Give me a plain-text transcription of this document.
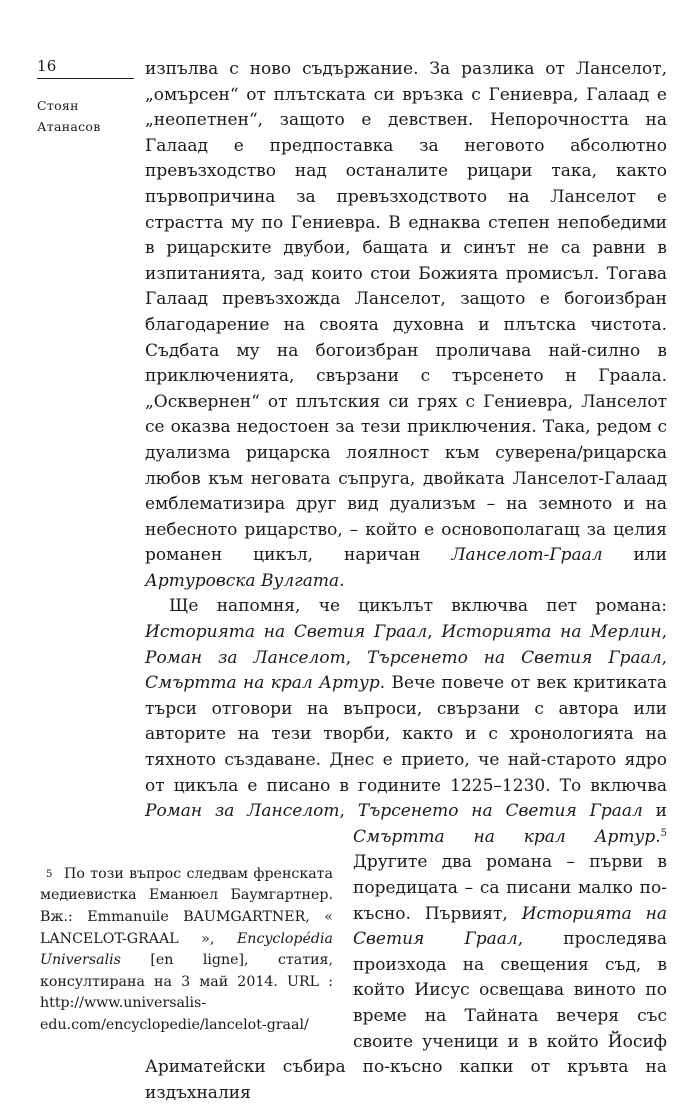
16
Стоян
Атанасов

изпълва с ново съдържание. За разлика от Ланселот, „омърсен“ от плътската си връзка с Гениевра, Галаад е „неопетнен“, защото е девствен. Непорочността на Галаад е предпоставка за неговото абсолютно превъзходство над останалите рицари така, както първопричина за превъзходството на Ланселот е страстта му по Гениевра. В еднаква степен непобедими в рицарските двубои, бащата и синът не са равни в изпитанията, зад които стои Божията промисъл. Тогава Галаад превъзхожда Ланселот, защото е богоизбран благодарение на своята духовна и плътска чистота. Съдбата му на богоизбран проличава най-силно в приключенията, свързани с търсенето н Граала. „Осквернен“ от плътския си грях с Гениевра, Ланселот се оказва недостоен за тези приключения. Така, редом с дуализма рицарска лоялност към суверена/рицарска любов към неговата съпруга, двойката Ланселот-Галаад емблематизира друг вид дуализъм – на земното и на небесното рицарство, – който е основополагащ за целия романен цикъл, наричан Ланселот-Граал или Артуровска Вулгата.

Ще напомня, че цикълът включва пет романа: Историята на Светия Граал, Историята на Мерлин, Роман за Ланселот, Търсенето на Светия Граал, Смъртта на крал Артур. Вече повече от век критиката търси отговори на въпроси, свързани с автора или авторите на тези творби, както и с хронологията на тяхното създаване. Днес е прието, че най-старото ядро от цикъла е писано в годините 1225–1230. То включва Роман за Ланселот, Търсенето на Светия Граал и Смъртта на крал Артур.$^5$
5 По този въпрос следвам френската медиевистка Еманюел Баумгартнер. Вж.: Emmanuile BAUMGARTNER, « LANCELOT-GRAAL », Encyclopédia Universalis [en ligne], статия, консултирана на 3 май 2014. URL : http://www.universalis-edu.com/encyclopedie/lancelot-graal/
Другите два романа – първи в поредицата – са писани малко по-късно. Първият, Историята на Светия Граал, проследява произхода на свещения съд, в който Иисус освещава виното по време на Тайната вечеря със своите ученици и в който Йосиф Ариматейски събира по-късно капки от кръвта на издъхналия
